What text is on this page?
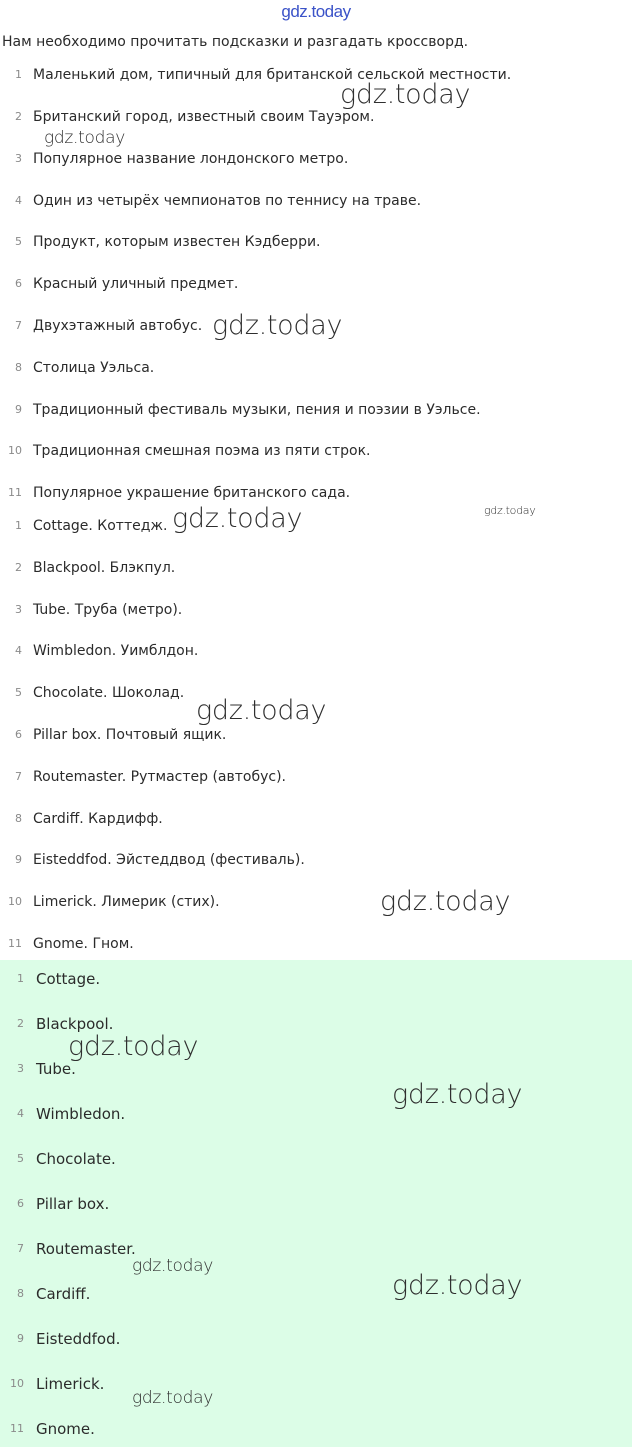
gdz.today
Нам необходимо прочитать подсказки и разгадать кроссворд.
1 Маленький дом, типичный для британской сельской местности.
2 Британский город, известный своим Тауэром.
3 Популярное название лондонского метро.
4 Один из четырёх чемпионатов по теннису на траве.
5 Продукт, которым известен Кэдберри.
6 Красный уличный предмет.
7 Двухэтажный автобус.
8 Столица Уэльса.
9 Традиционный фестиваль музыки, пения и поэзии в Уэльсе.
10 Традиционная смешная поэма из пяти строк.
11 Популярное украшение британского сада.
1 Cottage. Коттедж.
2 Blackpool. Блэкпул.
3 Tube. Труба (метро).
4 Wimbledon. Уимблдон.
5 Chocolate. Шоколад.
6 Pillar box. Почтовый ящик.
7 Routemaster. Рутмастер (автобус).
8 Cardiff. Кардифф.
9 Eisteddfod. Эйстеддвод (фестиваль).
10 Limerick. Лимерик (стих).
11 Gnome. Гном.
1 Cottage.
2 Blackpool.
3 Tube.
4 Wimbledon.
5 Chocolate.
6 Pillar box.
7 Routemaster.
8 Cardiff.
9 Eisteddfod.
10 Limerick.
11 Gnome.
gdz.today
gdz.today
gdz.today
gdz.today
gdz.today
gdz.today
gdz.today
gdz.today
gdz.today
gdz.today
gdz.today
gdz.today
